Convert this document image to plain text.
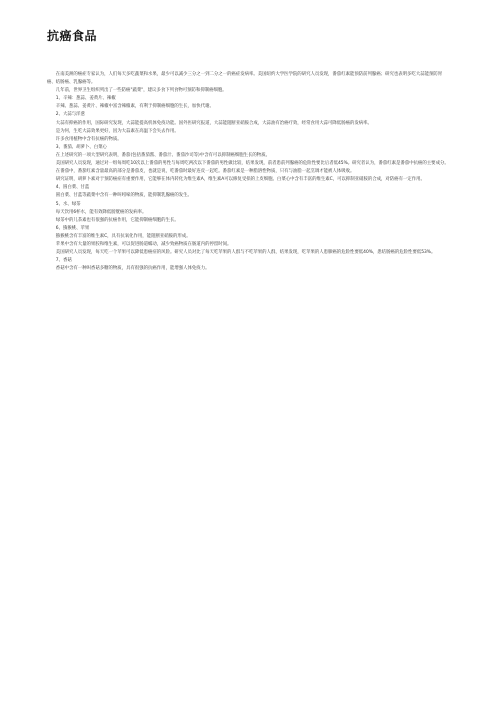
抗癌食品

在南美洲的癌症专家认为，人们每天多吃蔬菜和水果，最少可以减少三分之一到二分之一的癌症发病率。美国纽约大学医学院的研究人员发现，番茄红素能预防前列腺癌；研究也表明多吃大蒜能预防胃癌、结肠癌、乳腺癌等。

几年前，世界卫生组织列出了一些防癌"蔬菜"，建议多食下列食物可预防和抑制癌细胞。

1、辛辣：葱蒜、姜黄片、辣椒

辛辣、葱蒜、姜黄片、辣椒中富含辣椒素，有利于抑制癌细胞的生长，加快代谢。

2、大蒜与洋葱

大蒜有抑癌的作用，国际研究发现，大蒜能提高机体免疫功能。国外医研究报道，大蒜能阻断亚硝胺合成，大蒜油有治癌疗效，经常食用大蒜可降低肠癌的发病率。

是为何，生吃大蒜效果更好，因为大蒜素在高温下会失去作用。

许多食用植物中含有抗癌的物质。

3、番茄、胡萝卜、白菜心

在上述研究的一项大型研究表明，番茄(包括番茄酱、番茄汁、番茄沙司等)中含有可以抑制癌细胞生长的物质。

美国研究人员发现，通过对一组每周吃10次以上番茄的男性与每周吃两次以下番茄的男性做比较，结果发现，前者患前列腺癌的危险性要比后者低45%。研究者认为，番茄红素是番茄中抗癌的主要成分。

在番茄中，番茄红素含量最高的部分是番茄皮，也就是说，吃番茄时最好连皮一起吃。番茄红素是一种脂溶性物质，只有与油脂一起烹调才能被人体吸收。

研究证明，胡萝卜素对于预防癌症有重要作用，它能够在体内转化为维生素A，维生素A可以修复受损的上皮细胞。白菜心中含有丰富的维生素C，可以抑制亚硝胺的合成，对防癌有一定作用。

4、圆白菜、甘蓝

圆白菜、甘蓝等蔬菜中含有一种叫吲哚的物质，能抑制乳腺癌的发生。

5、水、绿茶

每天饮用6杯水，能有效降低膀胱癌的发病率。

绿茶中的儿茶素也有很强的抗癌作用，它能抑制癌细胞的生长。

6、猕猴桃、苹果

猕猴桃含有丰富的维生素C，具有抗氧化作用，能阻断亚硝胺的形成。

苹果中含有大量的果胶和维生素，可以促进肠道蠕动，减少致癌物质在肠道内的停留时间。

美国研究人员发现，每天吃一个苹果可以降低患癌症的风险。研究人员对比了每天吃苹果的人群与不吃苹果的人群，结果发现，吃苹果的人患肺癌的危险性要低40%，患结肠癌的危险性要低53%。

7、香菇

香菇中含有一种叫香菇多糖的物质，具有很强的抗癌作用，能增强人体免疫力。
